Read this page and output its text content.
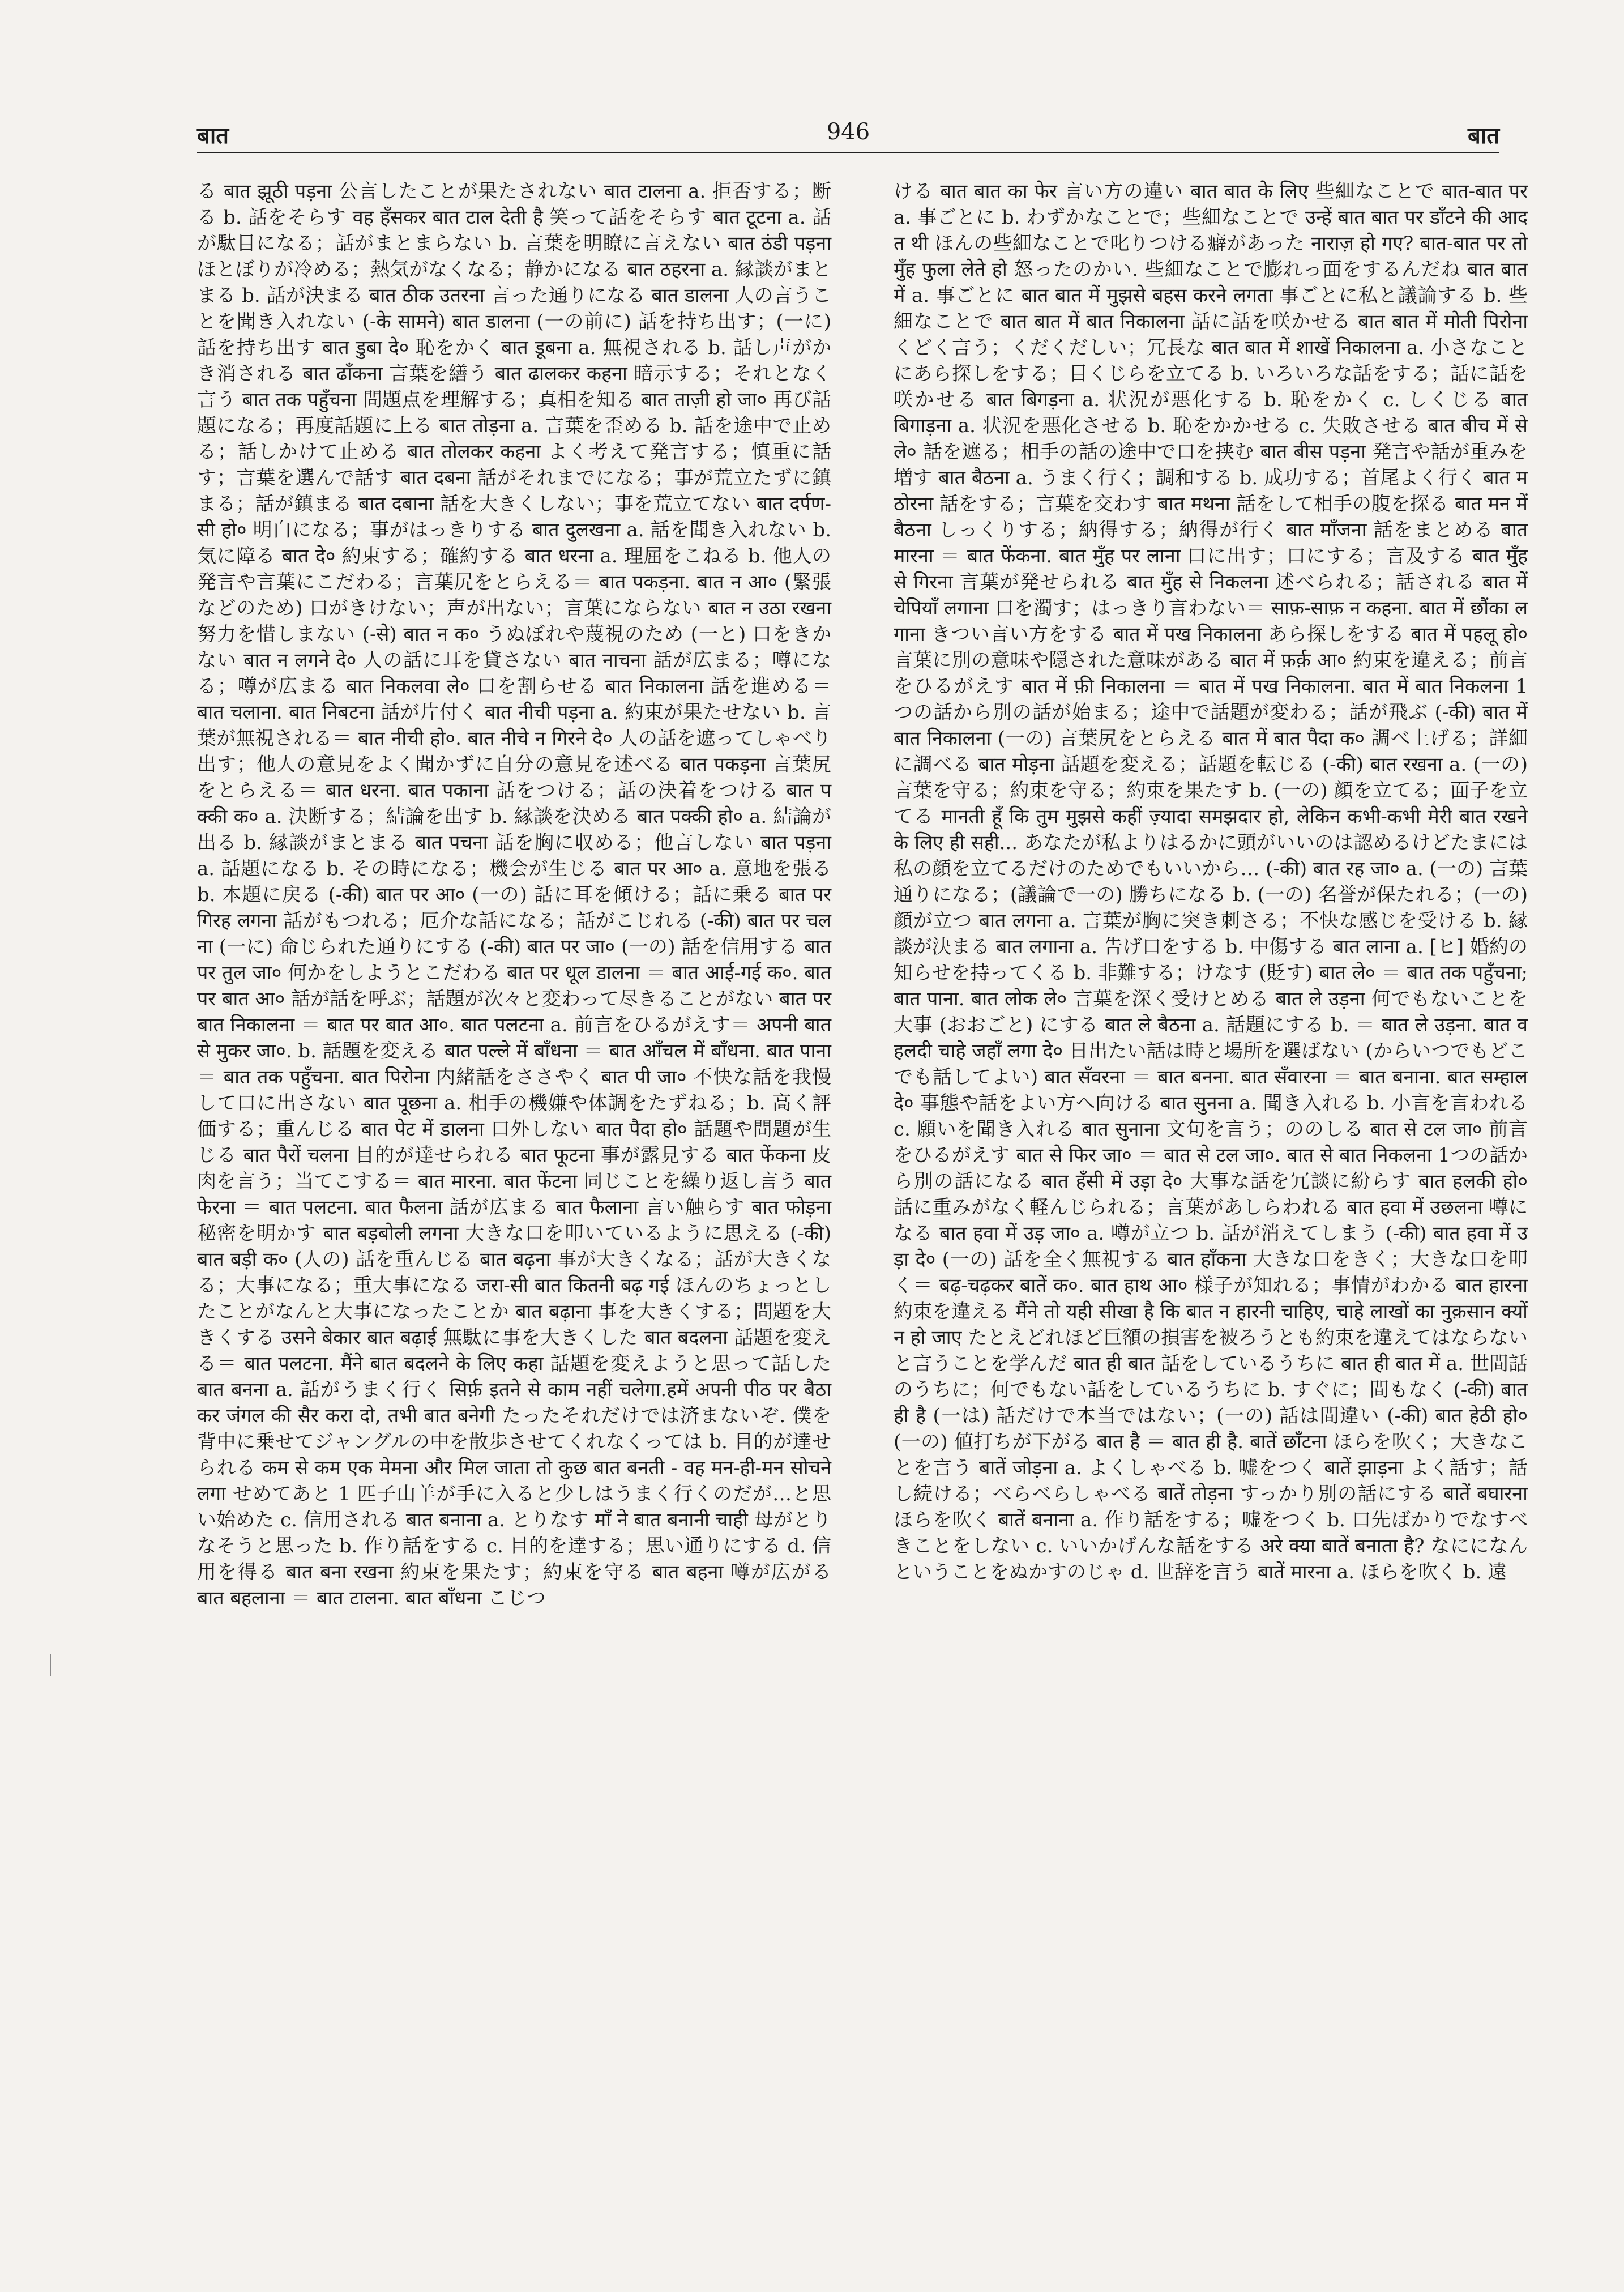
बात	946	बात

る बात झूठी पड़ना 公言したことが果たされない बात टालना a. 拒否する；断る b. 話をそらす वह हँसकर बात टाल देती है 笑って話をそらす बात टूटना a. 話が駄目になる；話がまとまらない b. 言葉を明瞭に言えない बात ठंडी पड़ना ほとぼりが冷める；熱気がなくなる；静かになる बात ठहरना a. 縁談がまとまる b. 話が決まる बात ठीक उतरना 言った通りになる बात डालना 人の言うことを聞き入れない (-के सामने) बात डालना (一の前に) 話を持ち出す；(一に) 話を持ち出す बात डुबा दे० 恥をかく बात डूबना a. 無視される b. 話し声がかき消される बात ढाँकना 言葉を繕う बात ढालकर कहना 暗示する；それとなく言う बात तक पहुँचना 問題点を理解する；真相を知る बात ताज़ी हो जा० 再び話題になる；再度話題に上る बात तोड़ना a. 言葉を歪める b. 話を途中で止める；話しかけて止める बात तोलकर कहना よく考えて発言する；慎重に話す；言葉を選んで話す बात दबना 話がそれまでになる；事が荒立たずに鎮まる；話が鎮まる बात दबाना 話を大きくしない；事を荒立てない बात दर्पण-सी हो० 明白になる；事がはっきりする बात दुलखना a. 話を聞き入れない b. 気に障る बात दे० 約束する；確約する बात धरना a. 理屈をこねる b. 他人の発言や言葉にこだわる；言葉尻をとらえる＝ बात पकड़ना. बात न आ० (緊張などのため) 口がきけない；声が出ない；言葉にならない बात न उठा रखना 努力を惜しまない (-से) बात न क० うぬぼれや蔑視のため (一と) 口をきかない बात न लगने दे० 人の話に耳を貸さない बात नाचना 話が広まる；噂になる；噂が広まる बात निकलवा ले० 口を割らせる बात निकालना 話を進める＝ बात चलाना. बात निबटना 話が片付く बात नीची पड़ना a. 約束が果たせない b. 言葉が無視される＝ बात नीची हो०. बात नीचे न गिरने दे० 人の話を遮ってしゃべり出す；他人の意見をよく聞かずに自分の意見を述べる बात पकड़ना 言葉尻をとらえる＝ बात धरना. बात पकाना 話をつける；話の決着をつける बात पक्की क० a. 決断する；結論を出す b. 縁談を決める बात पक्की हो० a. 結論が出る b. 縁談がまとまる बात पचना 話を胸に収める；他言しない बात पड़ना a. 話題になる b. その時になる；機会が生じる बात पर आ० a. 意地を張る b. 本題に戻る (-की) बात पर आ० (一の) 話に耳を傾ける；話に乗る बात पर गिरह लगना 話がもつれる；厄介な話になる；話がこじれる (-की) बात पर चलना (一に) 命じられた通りにする (-की) बात पर जा० (一の) 話を信用する बात पर तुल जा० 何かをしようとこだわる बात पर धूल डालना ＝ बात आई-गई क०. बात पर बात आ० 話が話を呼ぶ；話題が次々と変わって尽きることがない बात पर बात निकालना ＝ बात पर बात आ०. बात पलटना a. 前言をひるがえす＝ अपनी बात से मुकर जा०. b. 話題を変える बात पल्ले में बाँधना ＝ बात आँचल में बाँधना. बात पाना ＝ बात तक पहुँचना. बात पिरोना 内緒話をささやく बात पी जा० 不快な話を我慢して口に出さない बात पूछना a. 相手の機嫌や体調をたずねる；b. 高く評価する；重んじる बात पेट में डालना 口外しない बात पैदा हो० 話題や問題が生じる बात पैरों चलना 目的が達せられる बात फूटना 事が露見する बात फेंकना 皮肉を言う；当てこする＝ बात मारना. बात फेंटना 同じことを繰り返し言う बात फेरना ＝ बात पलटना. बात फैलना 話が広まる बात फैलाना 言い触らす बात फोड़ना 秘密を明かす बात बड़बोली लगना 大きな口を叩いているように思える (-की) बात बड़ी क० (人の) 話を重んじる बात बढ़ना 事が大きくなる；話が大きくなる；大事になる；重大事になる जरा-सी बात कितनी बढ़ गई ほんのちょっとしたことがなんと大事になったことか बात बढ़ाना 事を大きくする；問題を大きくする उसने बेकार बात बढ़ाई 無駄に事を大きくした बात बदलना 話題を変える＝ बात पलटना. मैंने बात बदलने के लिए कहा 話題を変えようと思って話した बात बनना a. 話がうまく行く सिर्फ़ इतने से काम नहीं चलेगा.हमें अपनी पीठ पर बैठा कर जंगल की सैर करा दो, तभी बात बनेगी たったそれだけでは済まないぞ. 僕を背中に乗せてジャングルの中を散歩させてくれなくっては b. 目的が達せられる कम से कम एक मेमना और मिल जाता तो कुछ बात बनती - वह मन-ही-मन सोचने लगा せめてあと 1 匹子山羊が手に入ると少しはうまく行くのだが…と思い始めた c. 信用される बात बनाना a. とりなす माँ ने बात बनानी चाही 母がとりなそうと思った b. 作り話をする c. 目的を達する；思い通りにする d. 信用を得る बात बना रखना 約束を果たす；約束を守る बात बहना 噂が広がる बात बहलाना ＝ बात टालना. बात बाँधना こじつ

ける बात बात का फेर 言い方の違い बात बात के लिए 些細なことで बात-बात पर a. 事ごとに b. わずかなことで；些細なことで उन्हें बात बात पर डाँटने की आदत थी ほんの些細なことで叱りつける癖があった नाराज़ हो गए? बात-बात पर तो मुँह फुला लेते हो 怒ったのかい. 些細なことで膨れっ面をするんだね बात बात में a. 事ごとに बात बात में मुझसे बहस करने लगता 事ごとに私と議論する b. 些細なことで बात बात में बात निकालना 話に話を咲かせる बात बात में मोती पिरोना くどく言う；くだくだしい；冗長な बात बात में शाखें निकालना a. 小さなことにあら探しをする；目くじらを立てる b. いろいろな話をする；話に話を咲かせる बात बिगड़ना a. 状況が悪化する b. 恥をかく c. しくじる बात बिगाड़ना a. 状況を悪化させる b. 恥をかかせる c. 失敗させる बात बीच में से ले० 話を遮る；相手の話の途中で口を挟む बात बीस पड़ना 発言や話が重みを増す बात बैठना a. うまく行く；調和する b. 成功する；首尾よく行く बात मठोरना 話をする；言葉を交わす बात मथना 話をして相手の腹を探る बात मन में बैठना しっくりする；納得する；納得が行く बात माँजना 話をまとめる बात मारना ＝ बात फेंकना. बात मुँह पर लाना 口に出す；口にする；言及する बात मुँह से गिरना 言葉が発せられる बात मुँह से निकलना 述べられる；話される बात में चेपियाँ लगाना 口を濁す；はっきり言わない＝ साफ़-साफ़ न कहना. बात में छौंका लगाना きつい言い方をする बात में पख निकालना あら探しをする बात में पहलू हो० 言葉に別の意味や隠された意味がある बात में फ़र्क़ आ० 約束を違える；前言をひるがえす बात में फ़ी निकालना ＝ बात में पख निकालना. बात में बात निकलना 1つの話から別の話が始まる；途中で話題が変わる；話が飛ぶ (-की) बात में बात निकालना (一の) 言葉尻をとらえる बात में बात पैदा क० 調べ上げる；詳細に調べる बात मोड़ना 話題を変える；話題を転じる (-की) बात रखना a. (一の) 言葉を守る；約束を守る；約束を果たす b. (一の) 顔を立てる；面子を立てる मानती हूँ कि तुम मुझसे कहीं ज़्यादा समझदार हो, लेकिन कभी-कभी मेरी बात रखने के लिए ही सही... あなたが私よりはるかに頭がいいのは認めるけどたまには私の顔を立てるだけのためでもいいから… (-की) बात रह जा० a. (一の) 言葉通りになる；(議論で一の) 勝ちになる b. (一の) 名誉が保たれる；(一の) 顔が立つ बात लगना a. 言葉が胸に突き刺さる；不快な感じを受ける b. 縁談が決まる बात लगाना a. 告げ口をする b. 中傷する बात लाना a. [ヒ] 婚約の知らせを持ってくる b. 非難する；けなす (貶す) बात ले० ＝ बात तक पहुँचना; बात पाना. बात लोक ले० 言葉を深く受けとめる बात ले उड़ना 何でもないことを大事 (おおごと) にする बात ले बैठना a. 話題にする b. ＝ बात ले उड़ना. बात व हलदी चाहे जहाँ लगा दे० 日出たい話は時と場所を選ばない (からいつでもどこでも話してよい) बात सँवरना ＝ बात बनना. बात सँवारना ＝ बात बनाना. बात सम्हाल दे० 事態や話をよい方へ向ける बात सुनना a. 聞き入れる b. 小言を言われる c. 願いを聞き入れる बात सुनाना 文句を言う；ののしる बात से टल जा० 前言をひるがえす बात से फिर जा० ＝ बात से टल जा०. बात से बात निकलना 1つの話から別の話になる बात हँसी में उड़ा दे० 大事な話を冗談に紛らす बात हलकी हो० 話に重みがなく軽んじられる；言葉があしらわれる बात हवा में उछलना 噂になる बात हवा में उड़ जा० a. 噂が立つ b. 話が消えてしまう (-की) बात हवा में उड़ा दे० (一の) 話を全く無視する बात हाँकना 大きな口をきく；大きな口を叩く＝ बढ़-चढ़कर बातें क०. बात हाथ आ० 様子が知れる；事情がわかる बात हारना 約束を違える मैंने तो यही सीखा है कि बात न हारनी चाहिए, चाहे लाखों का नुक़सान क्यों न हो जाए たとえどれほど巨額の損害を被ろうとも約束を違えてはならないと言うことを学んだ बात ही बात 話をしているうちに बात ही बात में a. 世間話のうちに；何でもない話をしているうちに b. すぐに；間もなく (-की) बात ही है (一は) 話だけで本当ではない；(一の) 話は間違い (-की) बात हेठी हो० (一の) 値打ちが下がる बात है ＝ बात ही है. बातें छाँटना ほらを吹く；大きなことを言う बातें जोड़ना a. よくしゃべる b. 嘘をつく बातें झाड़ना よく話す；話し続ける；べらべらしゃべる बातें तोड़ना すっかり別の話にする बातें बघारना ほらを吹く बातें बनाना a. 作り話をする；嘘をつく b. 口先ばかりでなすべきことをしない c. いいかげんな話をする अरे क्या बातें बनाता है? なにになんということをぬかすのじゃ d. 世辞を言う बातें मारना a. ほらを吹く b. 遠
